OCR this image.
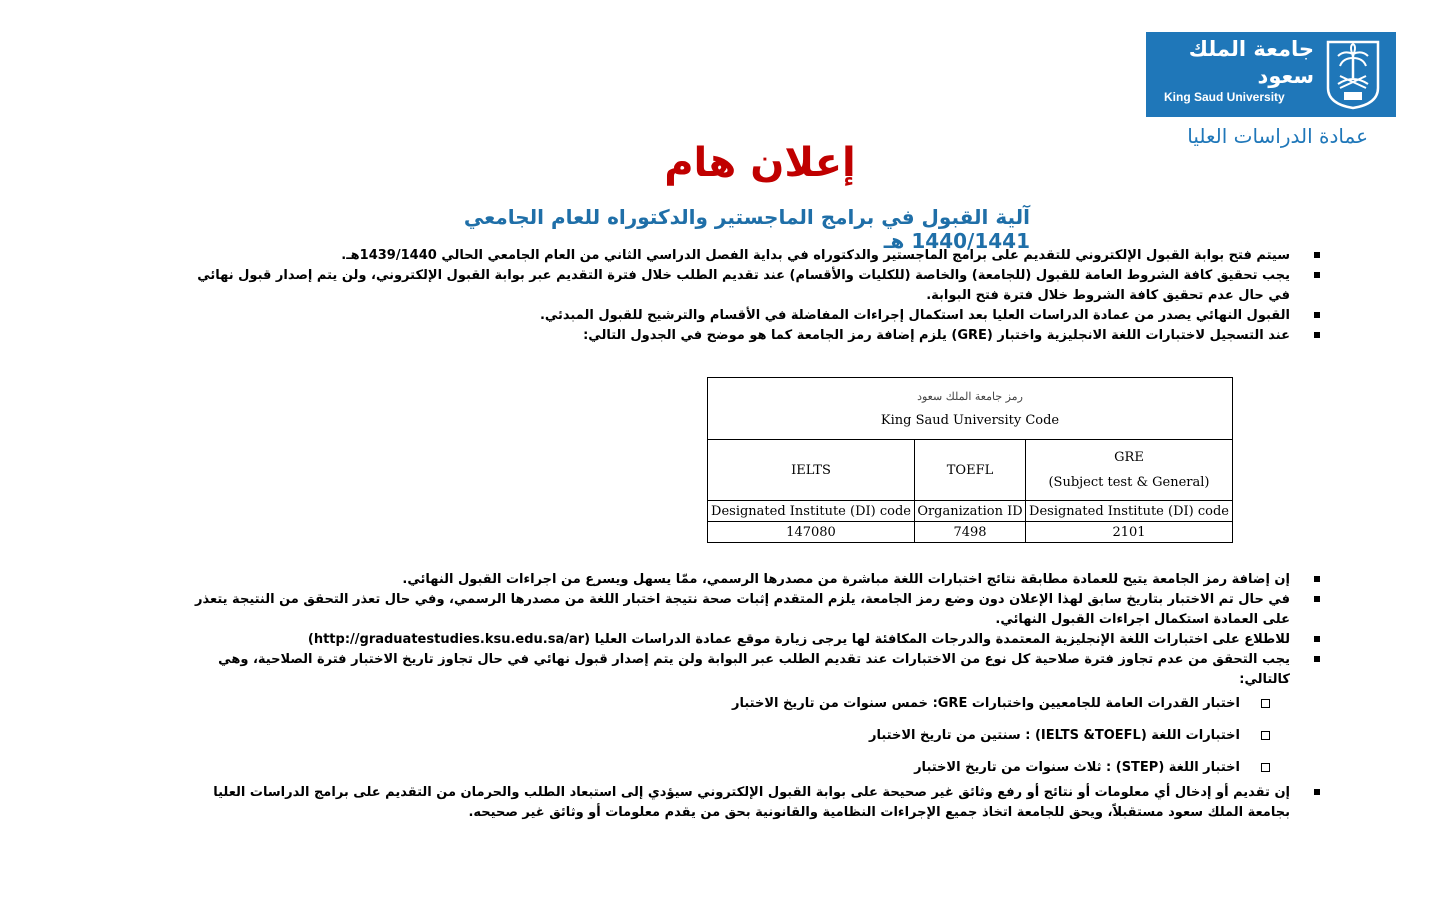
جامعة الملك سعود
King Saud University
عمادة الدراسات العليا
إعلان هام
آلية القبول في برامج الماجستير والدكتوراه للعام الجامعي 1440/1441 هـ
سيتم فتح بوابة القبول الإلكتروني للتقديم على برامج الماجستير والدكتوراه في بداية الفصل الدراسي الثاني من العام الجامعي الحالي 1439/1440هـ.
يجب تحقيق كافة الشروط العامة للقبول (للجامعة) والخاصة (للكليات والأقسام) عند تقديم الطلب خلال فترة التقديم عبر بوابة القبول الإلكتروني، ولن يتم إصدار قبول نهائي في حال عدم تحقيق كافة الشروط خلال فترة فتح البوابة.
القبول النهائي يصدر من عمادة الدراسات العليا بعد استكمال إجراءات المفاضلة في الأقسام والترشيح للقبول المبدئي.
عند التسجيل لاختبارات اللغة الانجليزية واختبار (GRE) يلزم إضافة رمز الجامعة كما هو موضح في الجدول التالي:
رمز جامعة الملك سعود
King Saud University Code		

IELTS	TOEFL	GRE
(Subject test & General)

Designated Institute (DI) code	Organization ID	Designated Institute (DI) code
147080	7498	2101
إن إضافة رمز الجامعة يتيح للعمادة مطابقة نتائج اختبارات اللغة مباشرة من مصدرها الرسمي، ممّا يسهل ويسرع من اجراءات القبول النهائي.
في حال تم الاختبار بتاريخ سابق لهذا الإعلان دون وضع رمز الجامعة، يلزم المتقدم إثبات صحة نتيجة اختبار اللغة من مصدرها الرسمي، وفي حال تعذر التحقق من النتيجة يتعذر على العمادة استكمال اجراءات القبول النهائي.
للاطلاع على اختبارات اللغة الإنجليزية المعتمدة والدرجات المكافئة لها يرجى زيارة موقع عمادة الدراسات العليا (http://graduatestudies.ksu.edu.sa/ar)
يجب التحقق من عدم تجاوز فترة صلاحية كل نوع من الاختبارات عند تقديم الطلب عبر البوابة ولن يتم إصدار قبول نهائي في حال تجاوز تاريخ الاختبار فترة الصلاحية، وهي كالتالي:
اختبار القدرات العامة للجامعيين واختبارات GRE: خمس سنوات من تاريخ الاختبار
اختبارات اللغة (IELTS &TOEFL) : سنتين من تاريخ الاختبار
اختبار اللغة (STEP) : ثلاث سنوات من تاريخ الاختبار
إن تقديم أو إدخال أي معلومات أو نتائج أو رفع وثائق غير صحيحة على بوابة القبول الإلكتروني سيؤدي إلى استبعاد الطلب والحرمان من التقديم على برامج الدراسات العليا بجامعة الملك سعود مستقبلاً، ويحق للجامعة اتخاذ جميع الإجراءات النظامية والقانونية بحق من يقدم معلومات أو وثائق غير صحيحه.
